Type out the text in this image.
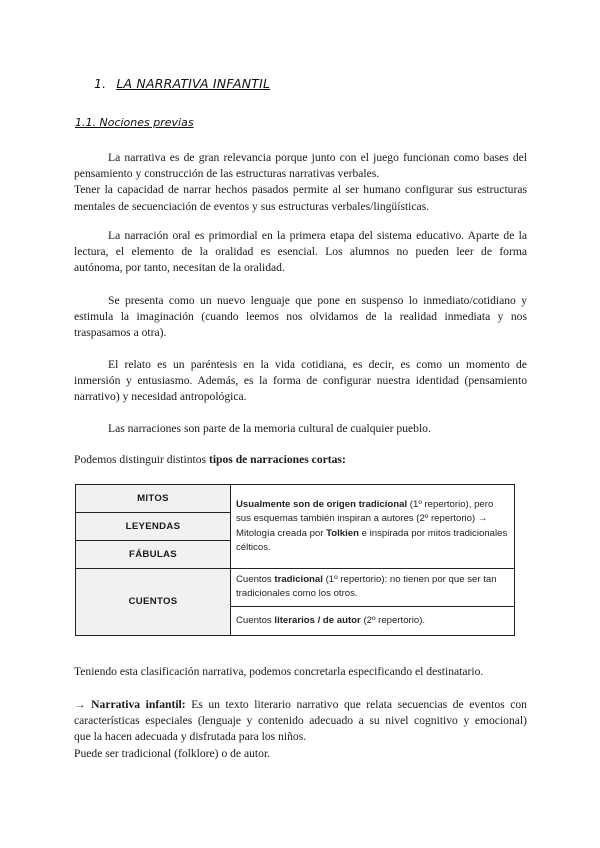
1. LA NARRATIVA INFANTIL
1.1. Nociones previas

La narrativa es de gran relevancia porque junto con el juego funcionan como bases del
pensamiento y construcción de las estructuras narrativas verbales.
Tener la capacidad de narrar hechos pasados permite al ser humano configurar sus estructuras
mentales de secuenciación de eventos y sus estructuras verbales/lingüísticas.

La narración oral es primordial en la primera etapa del sistema educativo. Aparte de la
lectura, el elemento de la oralidad es esencial. Los alumnos no pueden leer de forma
autónoma, por tanto, necesitan de la oralidad.

Se presenta como un nuevo lenguaje que pone en suspenso lo inmediato/cotidiano y
estimula la imaginación (cuando leemos nos olvidamos de la realidad inmediata y nos
traspasamos a otra).

El relato es un paréntesis en la vida cotidiana, es decir, es como un momento de
inmersión y entusiasmo. Además, es la forma de configurar nuestra identidad (pensamiento
narrativo) y necesidad antropológica.

Las narraciones son parte de la memoria cultural de cualquier pueblo.

Podemos distinguir distintos tipos de narraciones cortas:

MITOS	Usualmente son de origen tradicional (1º repertorio), pero sus esquemas también inspiran a autores (2º repertorio) → Mitología creada por Tolkien e inspirada por mitos tradicionales célticos.
LEYENDAS	
FÁBULAS	
CUENTOS	Cuentos tradicional (1º repertorio): no tienen por que ser tan tradicionales como los otros.
	Cuentos literarios / de autor (2º repertorio).

Teniendo esta clasificación narrativa, podemos concretarla especificando el destinatario.

→ Narrativa infantil: Es un texto literario narrativo que relata secuencias de eventos con
características especiales (lenguaje y contenido adecuado a su nivel cognitivo y emocional)
que la hacen adecuada y disfrutada para los niños.
Puede ser tradicional (folklore) o de autor.
